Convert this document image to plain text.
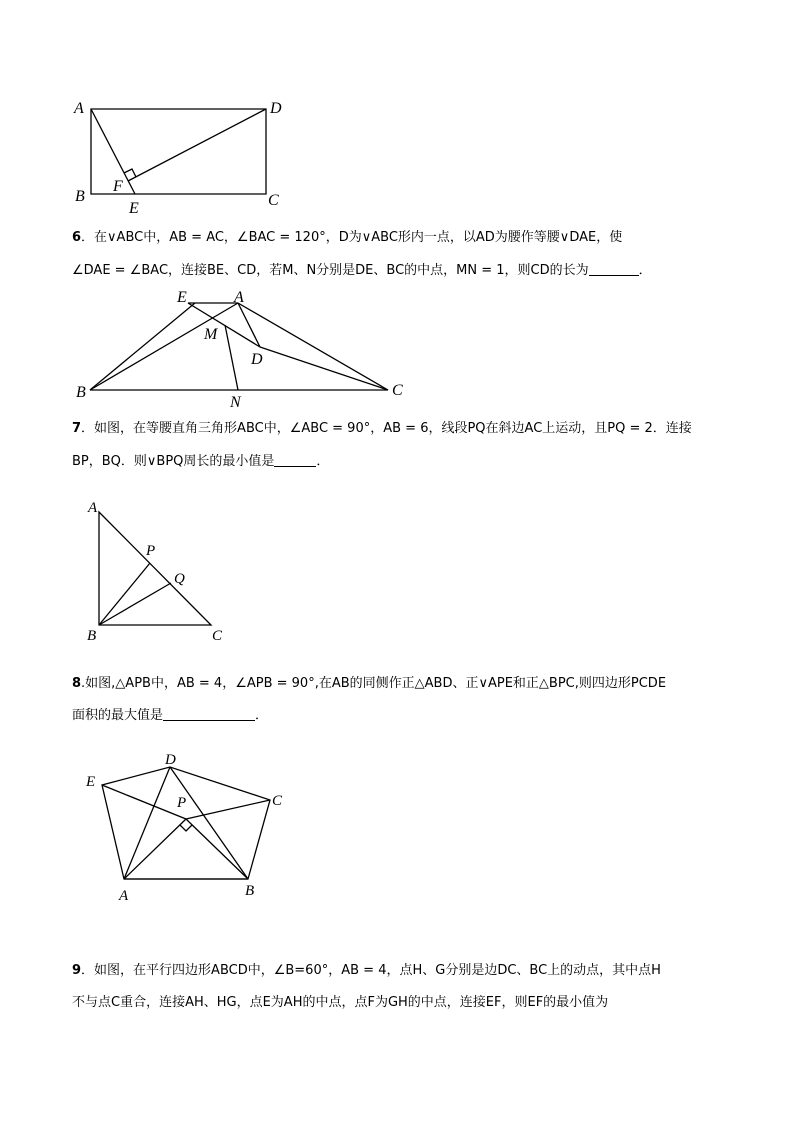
A	D
B	C
F
E
6．在∨ABC中，AB = AC，∠BAC = 120°，D为∨ABC形内一点，以AD为腰作等腰∨DAE，使
∠DAE = ∠BAC，连接BE、CD，若M、N分别是DE、BC的中点，MN = 1，则CD的长为	．
E	A
M
D
B
N
C
7．如图，在等腰直角三角形ABC中，∠ABC = 90°，AB = 6，线段PQ在斜边AC上运动，且PQ = 2．连接
BP，BQ．则∨BPQ周长的最小值是	．
A
P
Q
B	C
8.如图,△APB中，AB = 4，∠APB = 90°,在AB的同侧作正△ABD、正∨APE和正△BPC,则四边形PCDE
面积的最大值是	．
D
E
P	C
A	B
9．如图，在平行四边形ABCD中，∠B=60°，AB = 4，点H、G分别是边DC、BC上的动点，其中点H
不与点C重合，连接AH、HG，点E为AH的中点，点F为GH的中点，连接EF，则EF的最小值为
